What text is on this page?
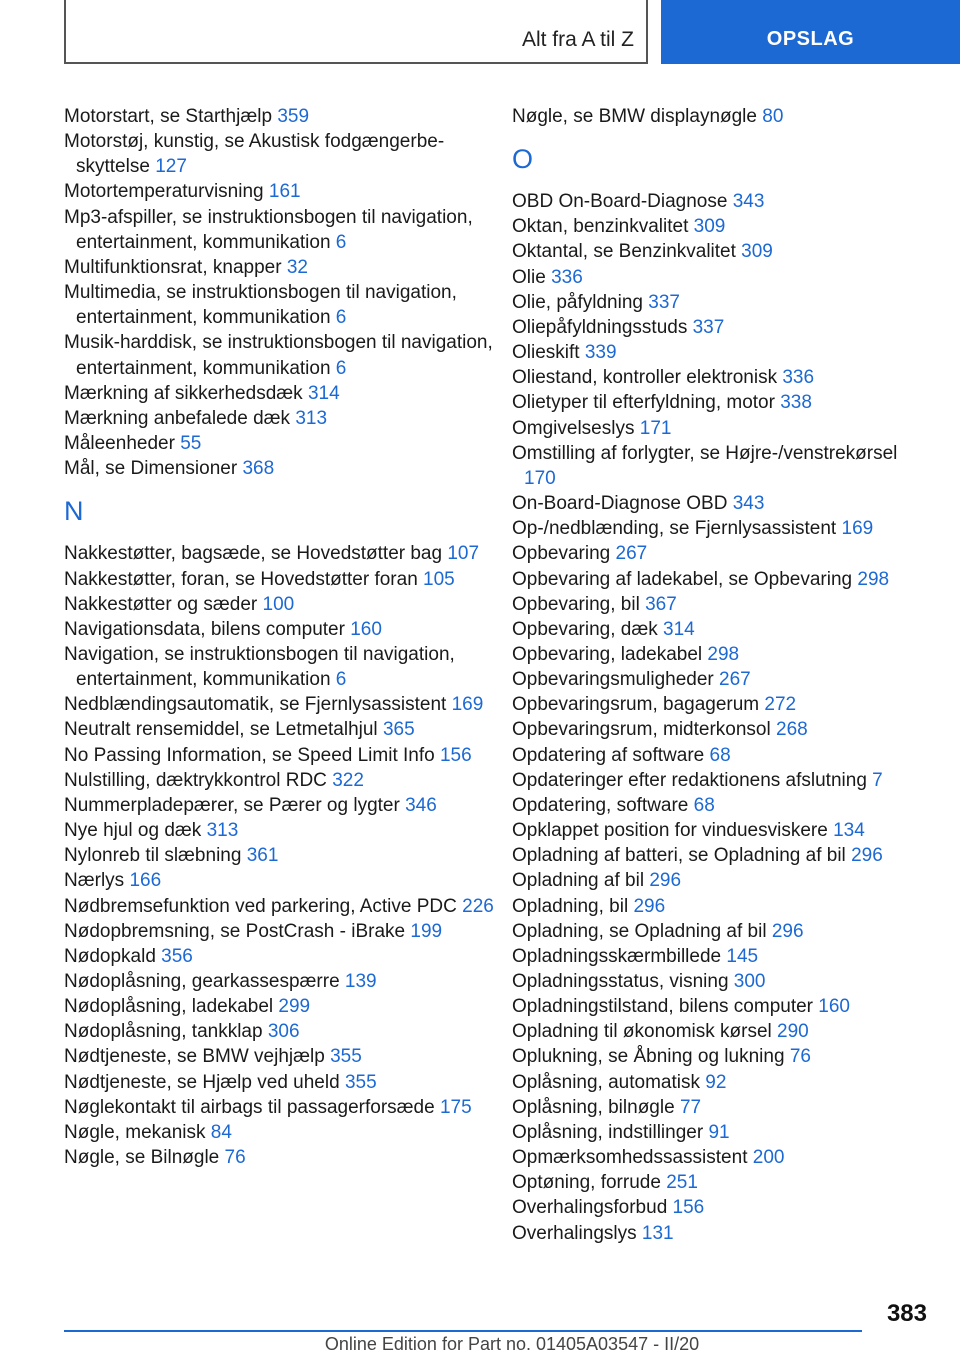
Alt fra A til Z	OPSLAG
Motorstart, se Starthjælp 359
Motorstøj, kunstig, se Akustisk fodgængerbeskyttelse 127
Motortemperaturvisning 161
Mp3-afspiller, se instruktionsbogen til navigation, entertainment, kommunikation 6
Multifunktionsrat, knapper 32
Multimedia, se instruktionsbogen til navigation, entertainment, kommunikation 6
Musik-harddisk, se instruktionsbogen til navigation, entertainment, kommunikation 6
Mærkning af sikkerhedsdæk 314
Mærkning anbefalede dæk 313
Måleenheder 55
Mål, se Dimensioner 368
N
Nakkestøtter, bagsæde, se Hovedstøtter bag 107
Nakkestøtter, foran, se Hovedstøtter foran 105
Nakkestøtter og sæder 100
Navigationsdata, bilens computer 160
Navigation, se instruktionsbogen til navigation, entertainment, kommunikation 6
Nedblændingsautomatik, se Fjernlysassistent 169
Neutralt rensemiddel, se Letmetalhjul 365
No Passing Information, se Speed Limit Info 156
Nulstilling, dæktrykkontrol RDC 322
Nummerpladepærer, se Pærer og lygter 346
Nye hjul og dæk 313
Nylonreb til slæbning 361
Nærlys 166
Nødbremsefunktion ved parkering, Active PDC 226
Nødopbremsning, se PostCrash - iBrake 199
Nødopkald 356
Nødoplåsning, gearkassespærre 139
Nødoplåsning, ladekabel 299
Nødoplåsning, tankklap 306
Nødtjeneste, se BMW vejhjælp 355
Nødtjeneste, se Hjælp ved uheld 355
Nøglekontakt til airbags til passagerforsæde 175
Nøgle, mekanisk 84
Nøgle, se Bilnøgle 76
Nøgle, se BMW displaynøgle 80
O
OBD On-Board-Diagnose 343
Oktan, benzinkvalitet 309
Oktantal, se Benzinkvalitet 309
Olie 336
Olie, påfyldning 337
Oliepåfyldningsstuds 337
Olieskift 339
Oliestand, kontroller elektronisk 336
Olietyper til efterfyldning, motor 338
Omgivelseslys 171
Omstilling af forlygter, se Højre-/venstrekørsel 170
On-Board-Diagnose OBD 343
Op-/nedblænding, se Fjernlysassistent 169
Opbevaring 267
Opbevaring af ladekabel, se Opbevaring 298
Opbevaring, bil 367
Opbevaring, dæk 314
Opbevaring, ladekabel 298
Opbevaringsmuligheder 267
Opbevaringsrum, bagagerum 272
Opbevaringsrum, midterkonsol 268
Opdatering af software 68
Opdateringer efter redaktionens afslutning 7
Opdatering, software 68
Opklappet position for vinduesviskere 134
Opladning af batteri, se Opladning af bil 296
Opladning af bil 296
Opladning, bil 296
Opladning, se Opladning af bil 296
Opladningsskærmbillede 145
Opladningsstatus, visning 300
Opladningstilstand, bilens computer 160
Opladning til økonomisk kørsel 290
Oplukning, se Åbning og lukning 76
Oplåsning, automatisk 92
Oplåsning, bilnøgle 77
Oplåsning, indstillinger 91
Opmærksomhedssassistent 200
Optøning, forrude 251
Overhalingsforbud 156
Overhalingslys 131
383
Online Edition for Part no. 01405A03547 - II/20
